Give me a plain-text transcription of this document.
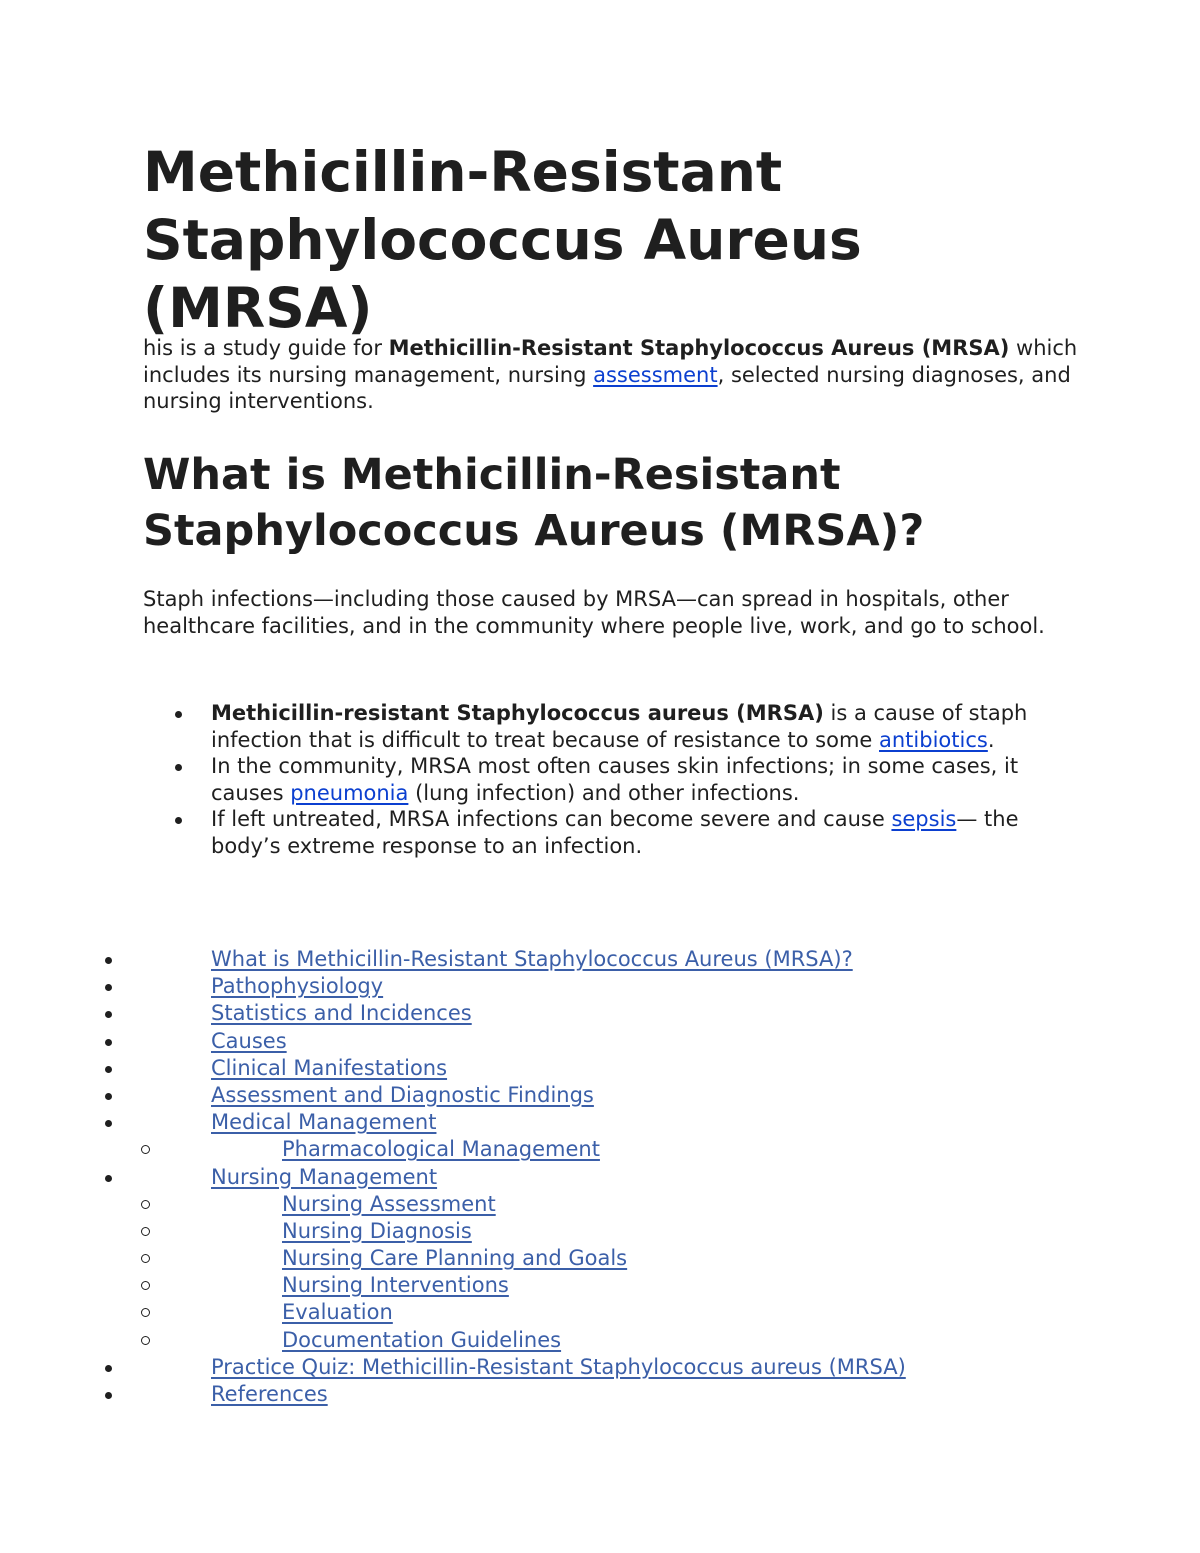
Methicillin-Resistant Staphylococcus Aureus (MRSA)

his is a study guide for Methicillin-Resistant Staphylococcus Aureus (MRSA) which includes its nursing management, nursing assessment, selected nursing diagnoses, and nursing interventions.

What is Methicillin-Resistant Staphylococcus Aureus (MRSA)?

Staph infections—including those caused by MRSA—can spread in hospitals, other healthcare facilities, and in the community where people live, work, and go to school.

Methicillin-resistant Staphylococcus aureus (MRSA) is a cause of staph infection that is difficult to treat because of resistance to some antibiotics.
In the community, MRSA most often causes skin infections; in some cases, it causes pneumonia (lung infection) and other infections.
If left untreated, MRSA infections can become severe and cause sepsis— the body’s extreme response to an infection.
What is Methicillin-Resistant Staphylococcus Aureus (MRSA)?
Pathophysiology
Statistics and Incidences
Causes
Clinical Manifestations
Assessment and Diagnostic Findings
Medical Management
Pharmacological Management
Nursing Management
Nursing Assessment
Nursing Diagnosis
Nursing Care Planning and Goals
Nursing Interventions
Evaluation
Documentation Guidelines
Practice Quiz: Methicillin-Resistant Staphylococcus aureus (MRSA)
References
